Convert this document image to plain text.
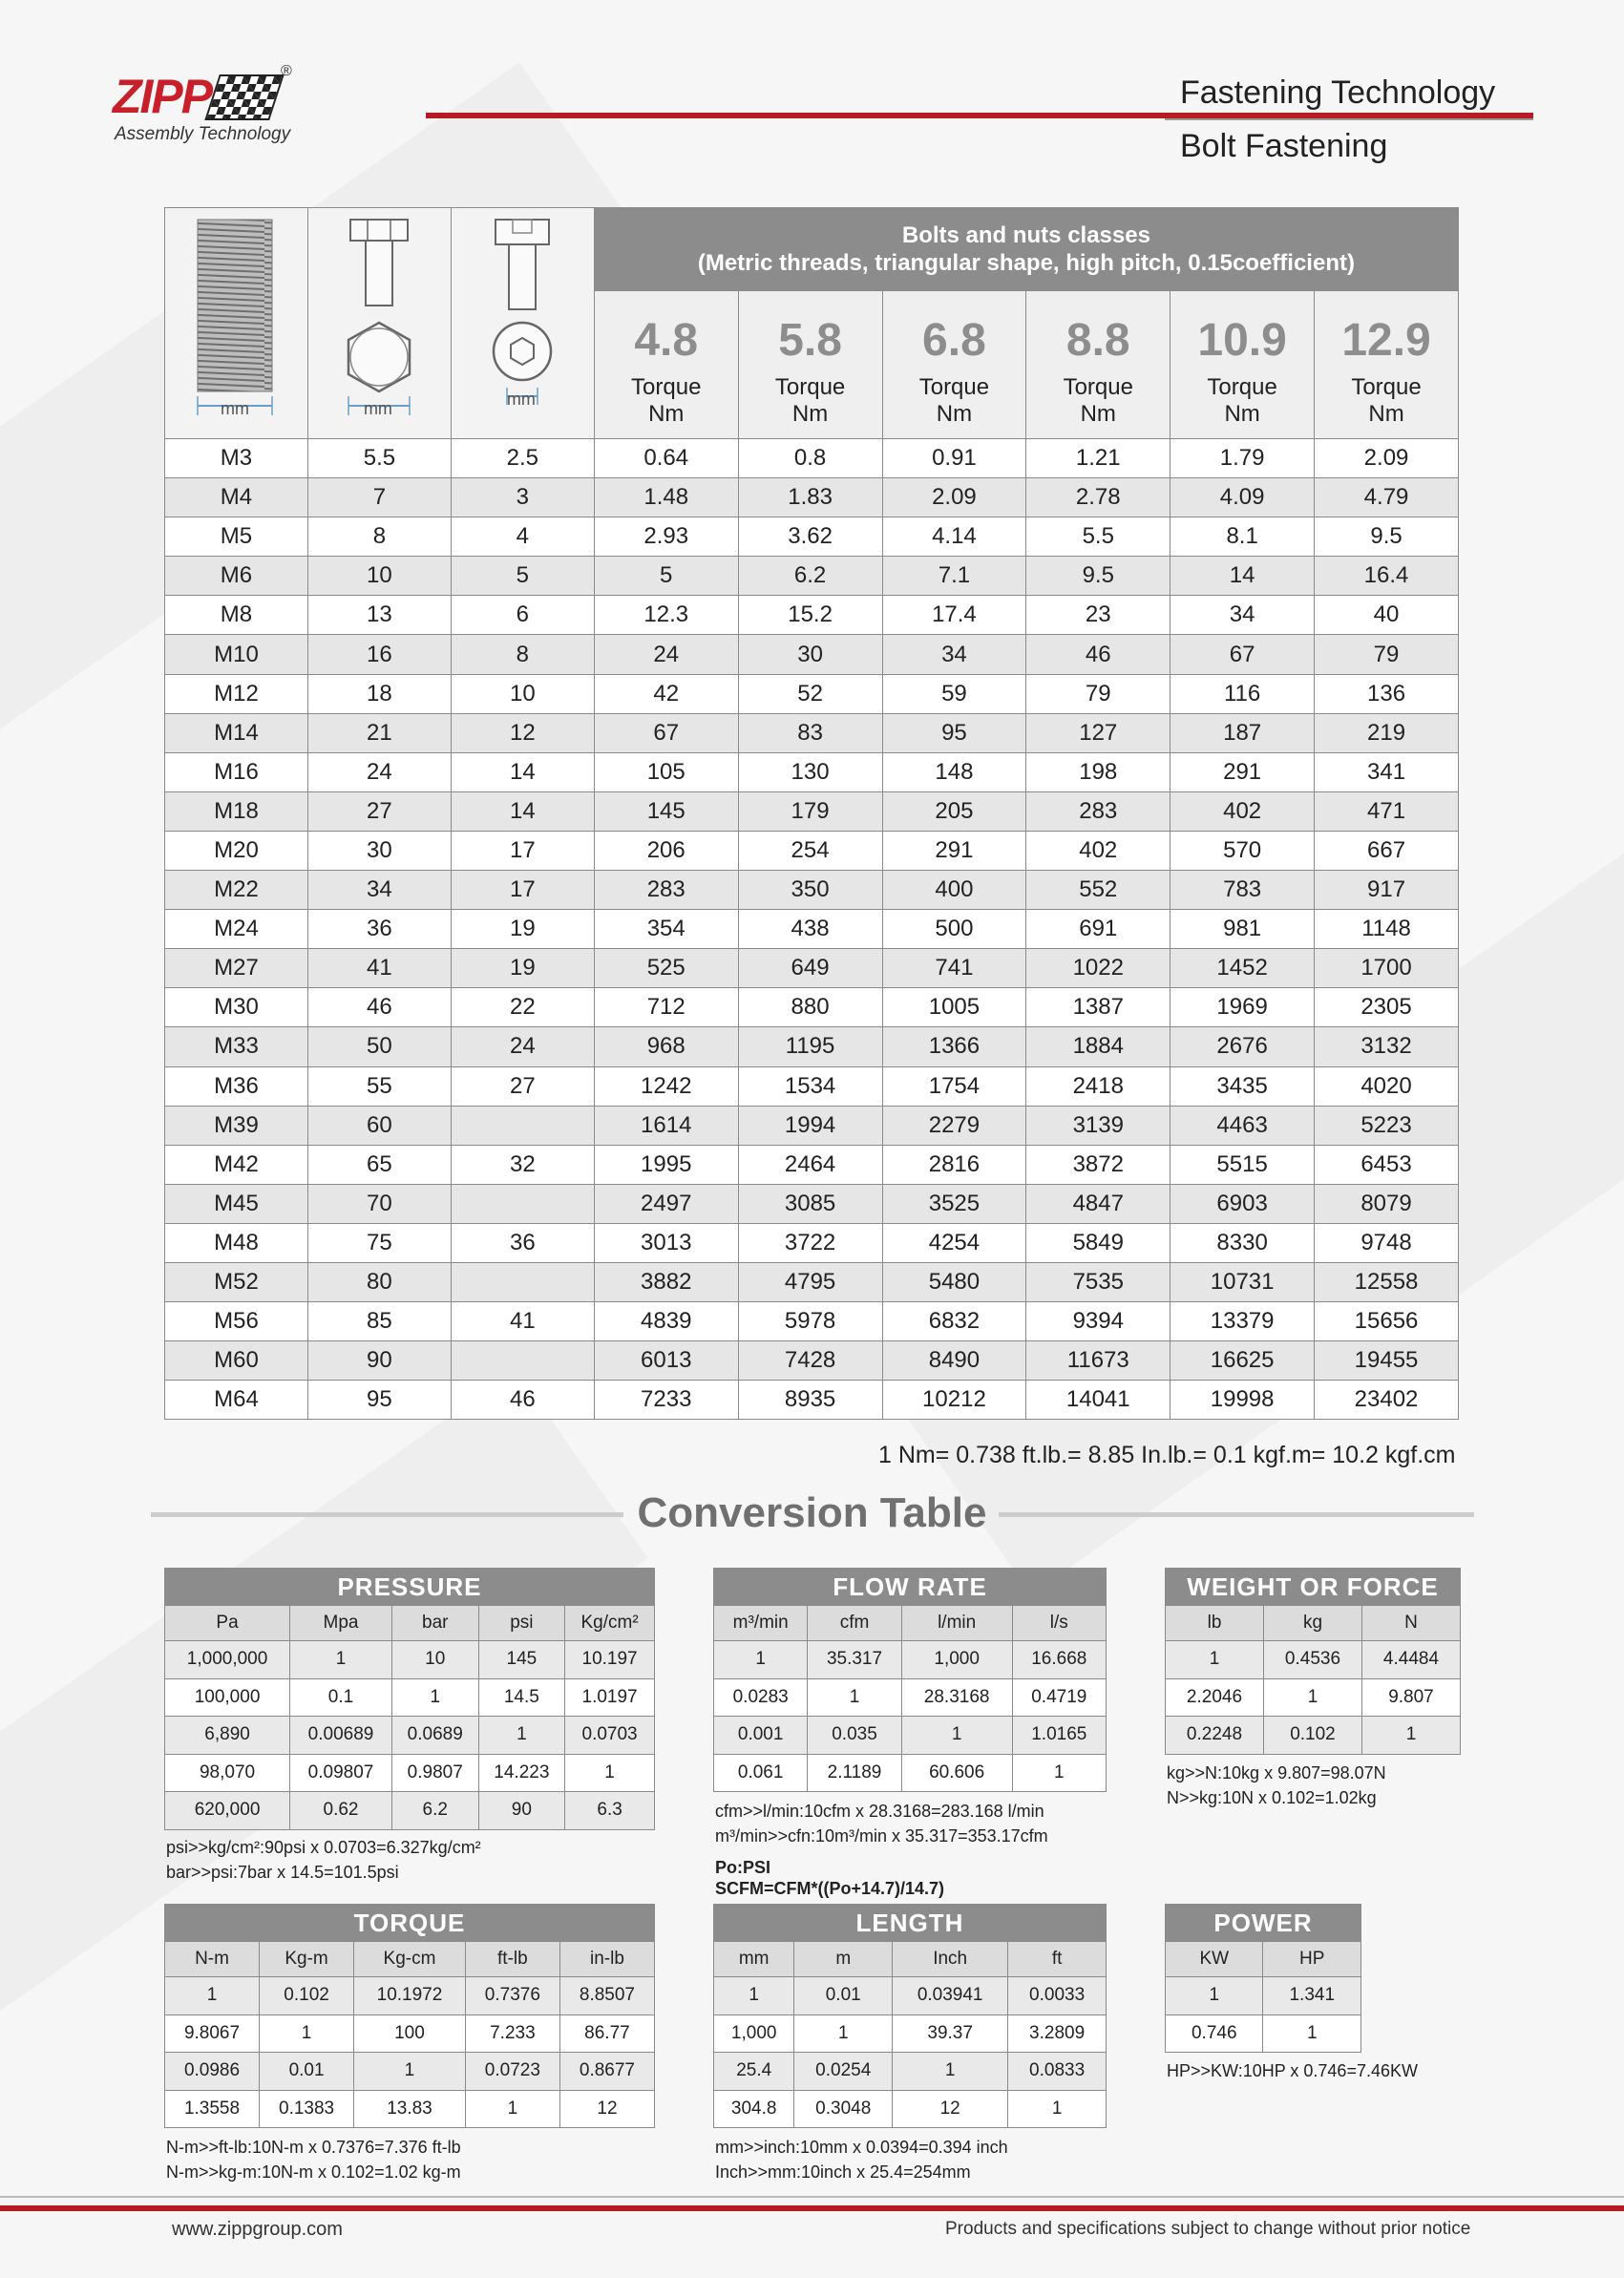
ZIPP	®
Assembly Technology
Fastening Technology
Bolt Fastening
mm	mm	mm	Bolts and nuts classes
(Metric threads, triangular shape, high pitch, 0.15coefficient)					

			4.8
Torque
Nm	5.8
Torque
Nm	6.8
Torque
Nm	8.8
Torque
Nm	10.9
Torque
Nm	12.9
Torque
Nm

M3	5.5	2.5	0.64	0.8	0.91	1.21	1.79	2.09
M4	7	3	1.48	1.83	2.09	2.78	4.09	4.79
M5	8	4	2.93	3.62	4.14	5.5	8.1	9.5
M6	10	5	5	6.2	7.1	9.5	14	16.4
M8	13	6	12.3	15.2	17.4	23	34	40
M10	16	8	24	30	34	46	67	79
M12	18	10	42	52	59	79	116	136
M14	21	12	67	83	95	127	187	219
M16	24	14	105	130	148	198	291	341
M18	27	14	145	179	205	283	402	471
M20	30	17	206	254	291	402	570	667
M22	34	17	283	350	400	552	783	917
M24	36	19	354	438	500	691	981	1148
M27	41	19	525	649	741	1022	1452	1700
M30	46	22	712	880	1005	1387	1969	2305
M33	50	24	968	1195	1366	1884	2676	3132
M36	55	27	1242	1534	1754	2418	3435	4020
M39	60		1614	1994	2279	3139	4463	5223
M42	65	32	1995	2464	2816	3872	5515	6453
M45	70		2497	3085	3525	4847	6903	8079
M48	75	36	3013	3722	4254	5849	8330	9748
M52	80		3882	4795	5480	7535	10731	12558
M56	85	41	4839	5978	6832	9394	13379	15656
M60	90		6013	7428	8490	11673	16625	19455
M64	95	46	7233	8935	10212	14041	19998	23402
1 Nm= 0.738 ft.lb.= 8.85 In.lb.= 0.1 kgf.m= 10.2 kgf.cm
Conversion Table
PRESSURE				
Pa	Mpa	bar	psi	Kg/cm²
1,000,000	1	10	145	10.197
100,000	0.1	1	14.5	1.0197
6,890	0.00689	0.0689	1	0.0703
98,070	0.09807	0.9807	14.223	1
620,000	0.62	6.2	90	6.3
psi>>kg/cm²:90psi x 0.0703=6.327kg/cm²
bar>>psi:7bar x 14.5=101.5psi
FLOW RATE			
m³/min	cfm	l/min	l/s
1	35.317	1,000	16.668
0.0283	1	28.3168	0.4719
0.001	0.035	1	1.0165
0.061	2.1189	60.606	1
cfm>>l/min:10cfm x 28.3168=283.168 l/min
m³/min>>cfn:10m³/min x 35.317=353.17cfm
Po:PSI
SCFM=CFM*((Po+14.7)/14.7)
WEIGHT OR FORCE		
lb	kg	N
1	0.4536	4.4484
2.2046	1	9.807
0.2248	0.102	1
kg>>N:10kg x 9.807=98.07N
N>>kg:10N x 0.102=1.02kg
TORQUE				
N-m	Kg-m	Kg-cm	ft-lb	in-lb
1	0.102	10.1972	0.7376	8.8507
9.8067	1	100	7.233	86.77
0.0986	0.01	1	0.0723	0.8677
1.3558	0.1383	13.83	1	12
N-m>>ft-lb:10N-m x 0.7376=7.376 ft-lb
N-m>>kg-m:10N-m x 0.102=1.02 kg-m
LENGTH			
mm	m	Inch	ft
1	0.01	0.03941	0.0033
1,000	1	39.37	3.2809
25.4	0.0254	1	0.0833
304.8	0.3048	12	1
mm>>inch:10mm x 0.0394=0.394 inch
Inch>>mm:10inch x 25.4=254mm
POWER	
KW	HP
1	1.341
0.746	1
HP>>KW:10HP x 0.746=7.46KW
www.zippgroup.com	Products and specifications subject to change without prior notice
